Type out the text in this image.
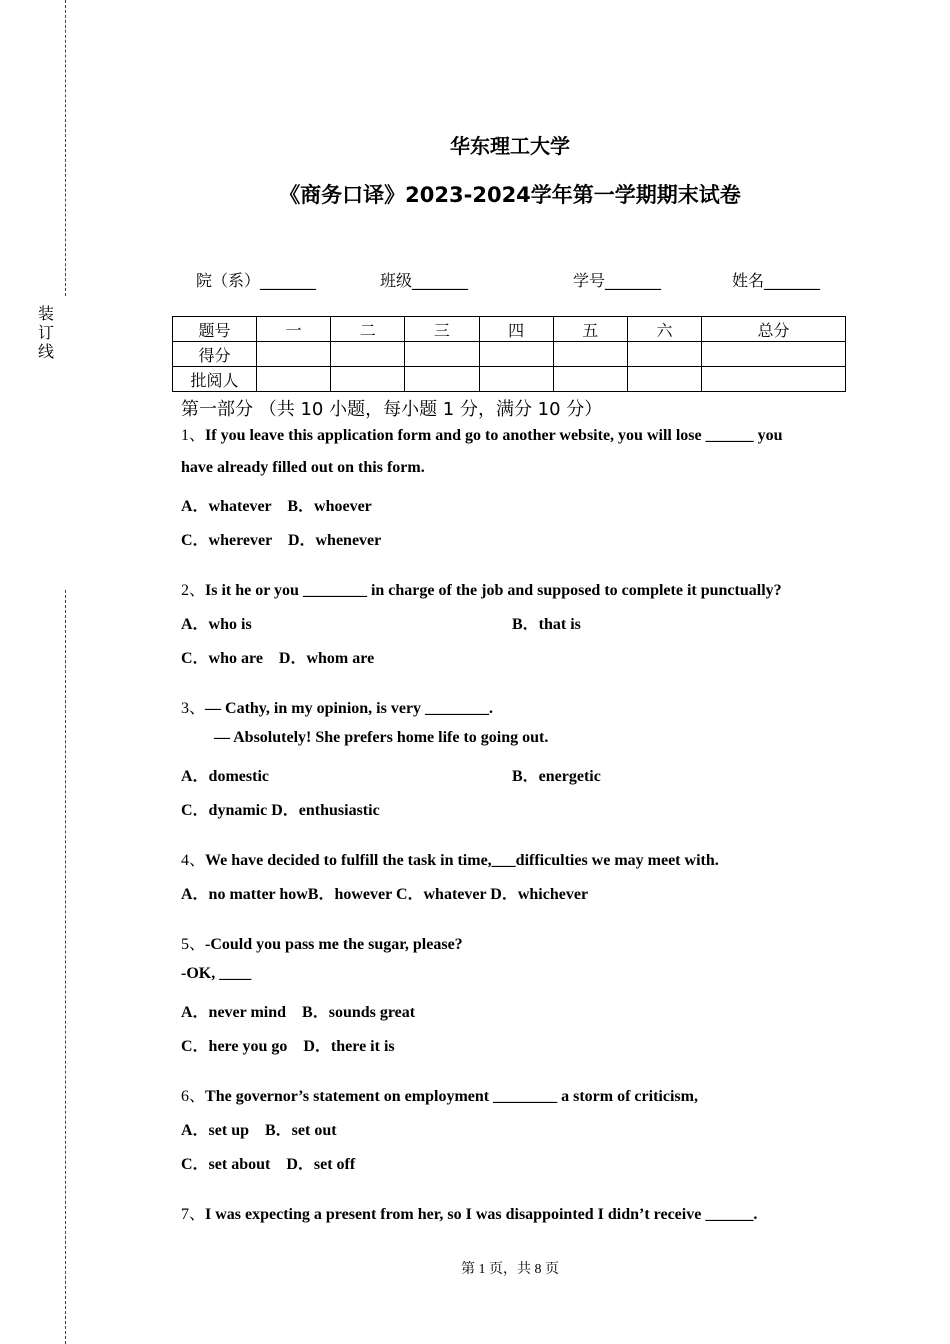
装
订
线
华东理工大学
《商务口译》2023-2024学年第一学期期末试卷
院（系）_______	班级_______	学号_______	姓名_______
题号	一	二	三	四	五	六	总分
得分							
批阅人							
第一部分 （共 10 小题，每小题 1 分，满分 10 分）
1、If you leave this application form and go to another website, you will lose ______ you
have already filled out on this form.
A．whatever　B．whoever
C．wherever　D．whenever
2、Is it he or you ________ in charge of the job and supposed to complete it punctually?
A．who is	B．that is
C．who are　D．whom are
3、— Cathy, in my opinion, is very ________.
— Absolutely! She prefers home life to going out.
A．domestic	B．energetic
C．dynamic D．enthusiastic
4、We have decided to fulfill the task in time,___difficulties we may meet with.
A．no matter howB．however C．whatever D．whichever
5、-Could you pass me the sugar, please?
-OK, ____
A．never mind　B．sounds great
C．here you go　D．there it is
6、The governor’s statement on employment ________ a storm of criticism,
A．set up　B．set out
C．set about　D．set off
7、I was expecting a present from her, so I was disappointed I didn’t receive ______.
第 1 页，共 8 页
